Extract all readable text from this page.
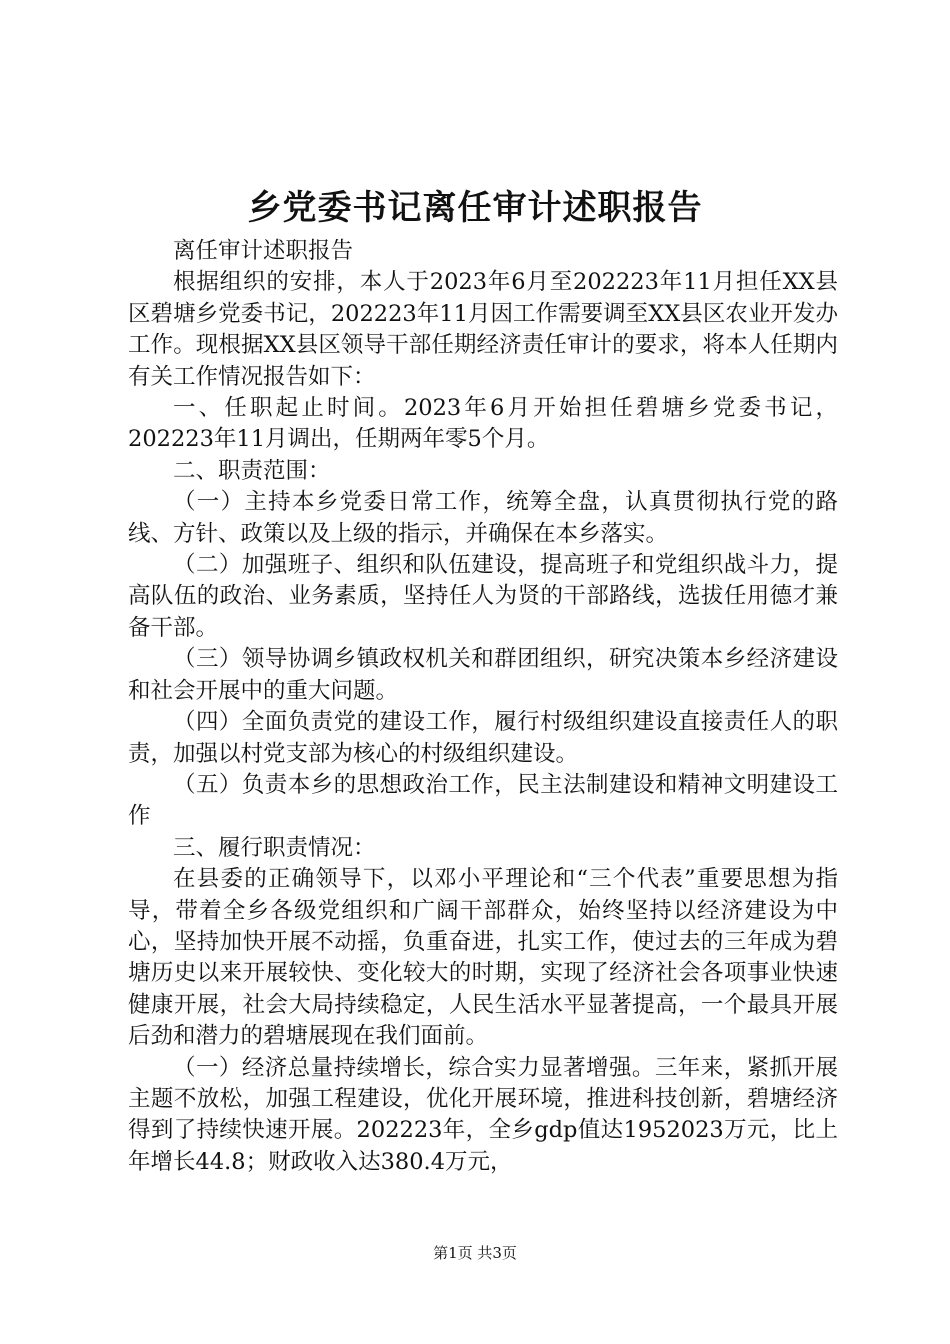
乡党委书记离任审计述职报告

离任审计述职报告

根据组织的安排，本人于2023年6月至202223年11月担任XX县区碧塘乡党委书记，202223年11月因工作需要调至XX县区农业开发办工作。现根据XX县区领导干部任期经济责任审计的要求，将本人任期内有关工作情况报告如下：

一、任职起止时间。2023年6月开始担任碧塘乡党委书记，202223年11月调出，任期两年零5个月。

二、职责范围：

（一）主持本乡党委日常工作，统筹全盘，认真贯彻执行党的路线、方针、政策以及上级的指示，并确保在本乡落实。

（二）加强班子、组织和队伍建设，提高班子和党组织战斗力，提高队伍的政治、业务素质，坚持任人为贤的干部路线，选拔任用德才兼备干部。

（三）领导协调乡镇政权机关和群团组织，研究决策本乡经济建设和社会开展中的重大问题。

（四）全面负责党的建设工作，履行村级组织建设直接责任人的职责，加强以村党支部为核心的村级组织建设。

（五）负责本乡的思想政治工作，民主法制建设和精神文明建设工作

三、履行职责情况：

在县委的正确领导下，以邓小平理论和“三个代表”重要思想为指导，带着全乡各级党组织和广阔干部群众，始终坚持以经济建设为中心，坚持加快开展不动摇，负重奋进，扎实工作，使过去的三年成为碧塘历史以来开展较快、变化较大的时期，实现了经济社会各项事业快速健康开展，社会大局持续稳定，人民生活水平显著提高，一个最具开展后劲和潜力的碧塘展现在我们面前。

（一）经济总量持续增长，综合实力显著增强。三年来，紧抓开展主题不放松，加强工程建设，优化开展环境，推进科技创新，碧塘经济得到了持续快速开展。202223年，全乡gdp值达1952023万元，比上年增长44.8；财政收入达380.4万元，

第1页 共3页
